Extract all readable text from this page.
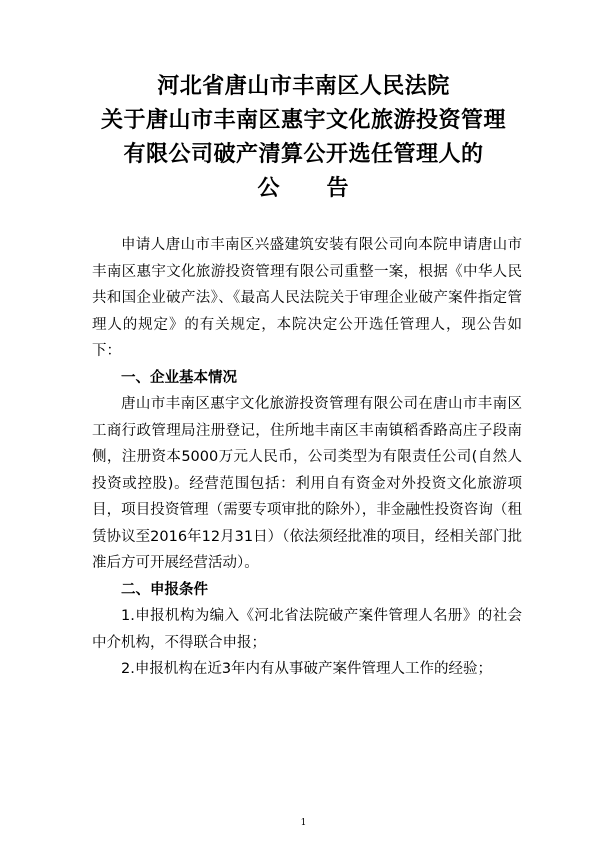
河北省唐山市丰南区人民法院
关于唐山市丰南区惠宇文化旅游投资管理
有限公司破产清算公开选任管理人的
公　　告

申请人唐山市丰南区兴盛建筑安装有限公司向本院申请唐山市丰南区惠宇文化旅游投资管理有限公司重整一案，根据《中华人民共和国企业破产法》、《最高人民法院关于审理企业破产案件指定管理人的规定》的有关规定，本院决定公开选任管理人，现公告如下：

一、企业基本情况

唐山市丰南区惠宇文化旅游投资管理有限公司在唐山市丰南区工商行政管理局注册登记，住所地丰南区丰南镇稻香路高庄子段南侧，注册资本5000万元人民币，公司类型为有限责任公司(自然人投资或控股)。经营范围包括：利用自有资金对外投资文化旅游项目，项目投资管理（需要专项审批的除外），非金融性投资咨询（租赁协议至2016年12月31日）（依法须经批准的项目，经相关部门批准后方可开展经营活动）。

二、申报条件

1.申报机构为编入《河北省法院破产案件管理人名册》的社会中介机构，不得联合申报；

2.申报机构在近3年内有从事破产案件管理人工作的经验；

1
